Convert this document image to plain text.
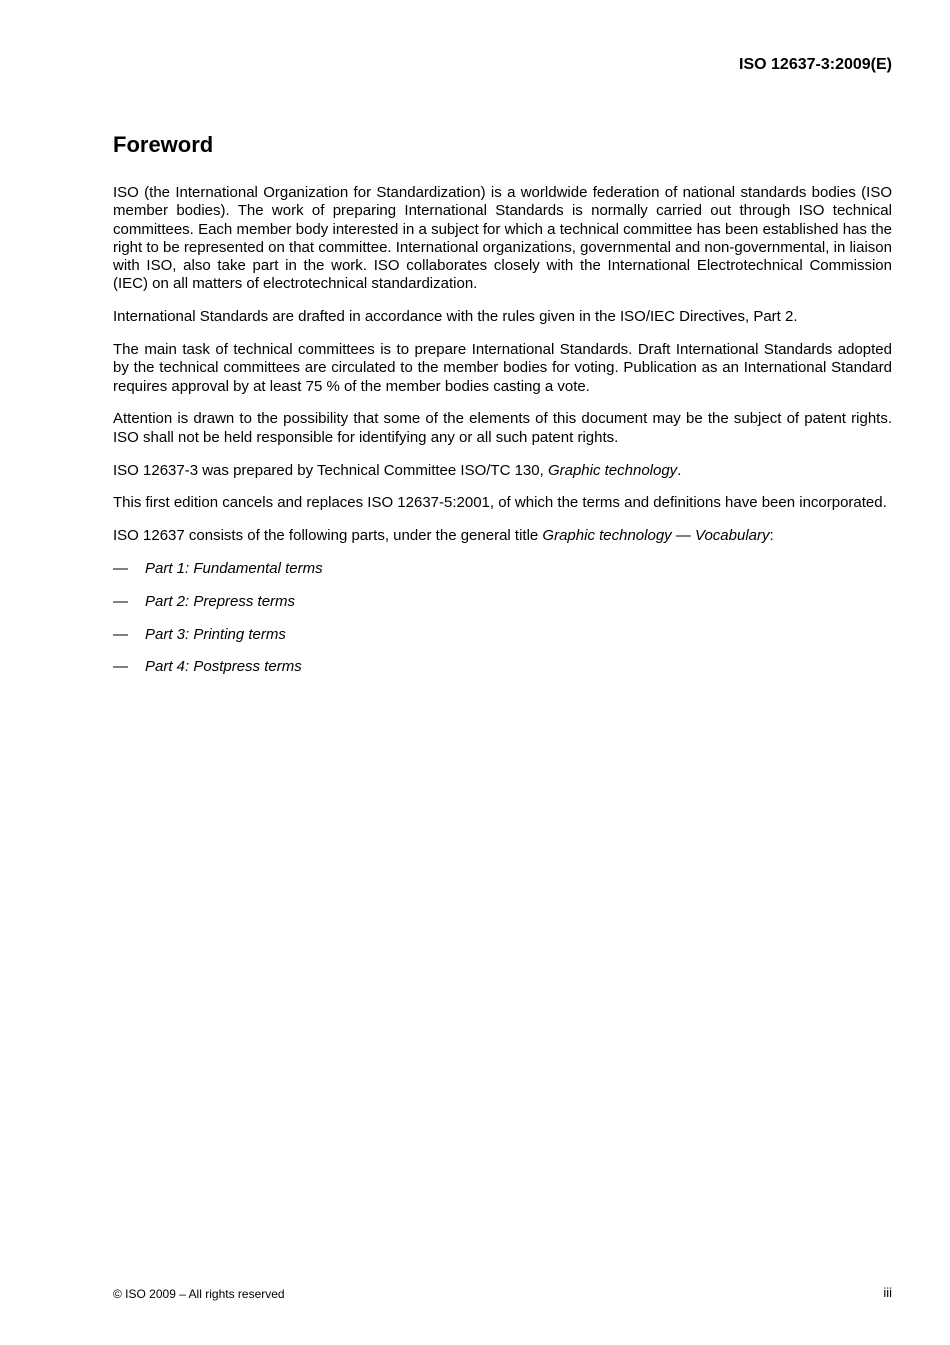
ISO 12637-3:2009(E)

Foreword

ISO (the International Organization for Standardization) is a worldwide federation of national standards bodies (ISO member bodies). The work of preparing International Standards is normally carried out through ISO technical committees. Each member body interested in a subject for which a technical committee has been established has the right to be represented on that committee. International organizations, governmental and non-governmental, in liaison with ISO, also take part in the work. ISO collaborates closely with the International Electrotechnical Commission (IEC) on all matters of electrotechnical standardization.

International Standards are drafted in accordance with the rules given in the ISO/IEC Directives, Part 2.

The main task of technical committees is to prepare International Standards. Draft International Standards adopted by the technical committees are circulated to the member bodies for voting. Publication as an International Standard requires approval by at least 75 % of the member bodies casting a vote.

Attention is drawn to the possibility that some of the elements of this document may be the subject of patent rights. ISO shall not be held responsible for identifying any or all such patent rights.

ISO 12637-3 was prepared by Technical Committee ISO/TC 130, Graphic technology.

This first edition cancels and replaces ISO 12637-5:2001, of which the terms and definitions have been incorporated.

ISO 12637 consists of the following parts, under the general title Graphic technology — Vocabulary:

—	Part 1: Fundamental terms
—	Part 2: Prepress terms
—	Part 3: Printing terms
—	Part 4: Postpress terms

© ISO 2009 – All rights reserved	iii
